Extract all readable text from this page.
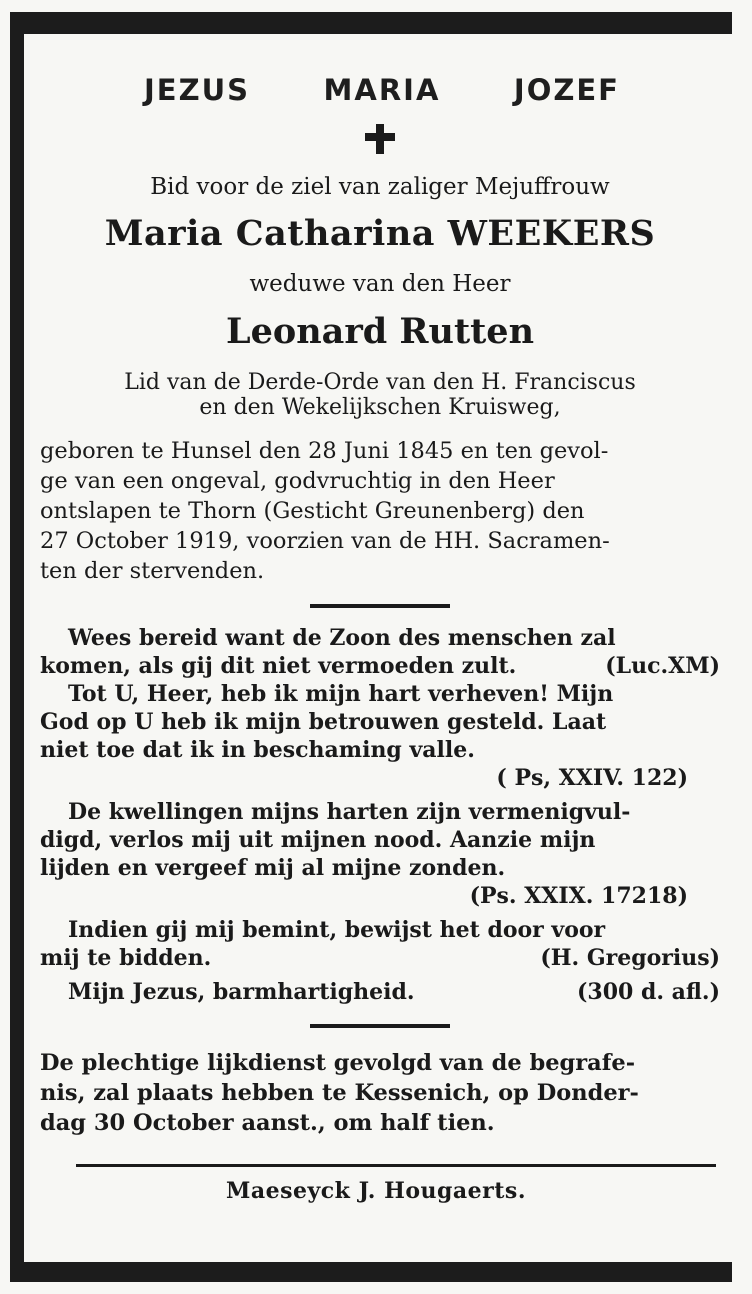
JEZUS	MARIA	JOZEF
Bid voor de ziel van zaliger Mejuffrouw
Maria Catharina WEEKERS
weduwe van den Heer
Leonard Rutten
Lid van de Derde-Orde van den H. Franciscus
en den Wekelijkschen Kruisweg,
geboren te Hunsel den 28 Juni 1845 en ten gevol-
ge van een ongeval, godvruchtig in den Heer
ontslapen te Thorn (Gesticht Greunenberg) den
27 October 1919, voorzien van de HH. Sacramen-
ten der stervenden.
Wees bereid want de Zoon des menschen zal
komen, als gij dit niet vermoeden zult.	(Luc.XM)
Tot U, Heer, heb ik mijn hart verheven! Mijn
God op U heb ik mijn betrouwen gesteld. Laat
niet toe dat ik in beschaming valle.
( Ps, XXIV. 122)
De kwellingen mijns harten zijn vermenigvul-
digd, verlos mij uit mijnen nood. Aanzie mijn
lijden en vergeef mij al mijne zonden.
(Ps. XXIX. 17218)
Indien gij mij bemint, bewijst het door voor
mij te bidden.	(H. Gregorius)
Mijn Jezus, barmhartigheid.	(300 d. afl.)
De plechtige lijkdienst gevolgd van de begrafe-
nis, zal plaats hebben te Kessenich, op Donder-
dag 30 October aanst., om half tien.
Maeseyck J. Hougaerts.
